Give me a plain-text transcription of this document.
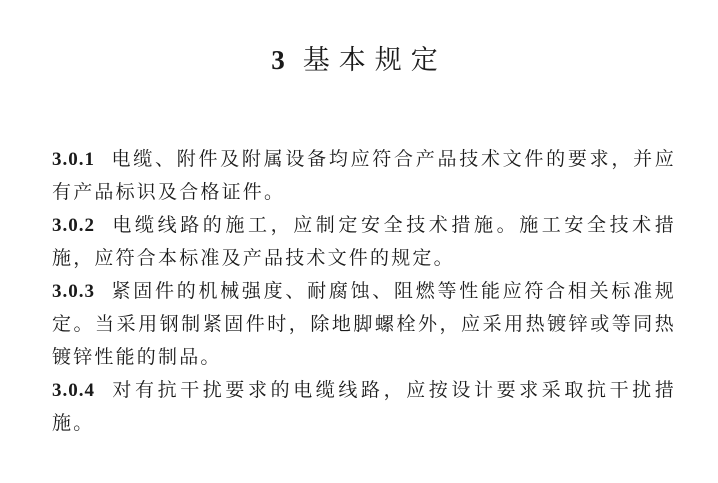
3 基本规定

3.0.1 电缆、附件及附属设备均应符合产品技术文件的要求，并应有产品标识及合格证件。

3.0.2 电缆线路的施工，应制定安全技术措施。施工安全技术措施，应符合本标准及产品技术文件的规定。

3.0.3 紧固件的机械强度、耐腐蚀、阻燃等性能应符合相关标准规定。当采用钢制紧固件时，除地脚螺栓外，应采用热镀锌或等同热镀锌性能的制品。

3.0.4 对有抗干扰要求的电缆线路，应按设计要求采取抗干扰措施。
